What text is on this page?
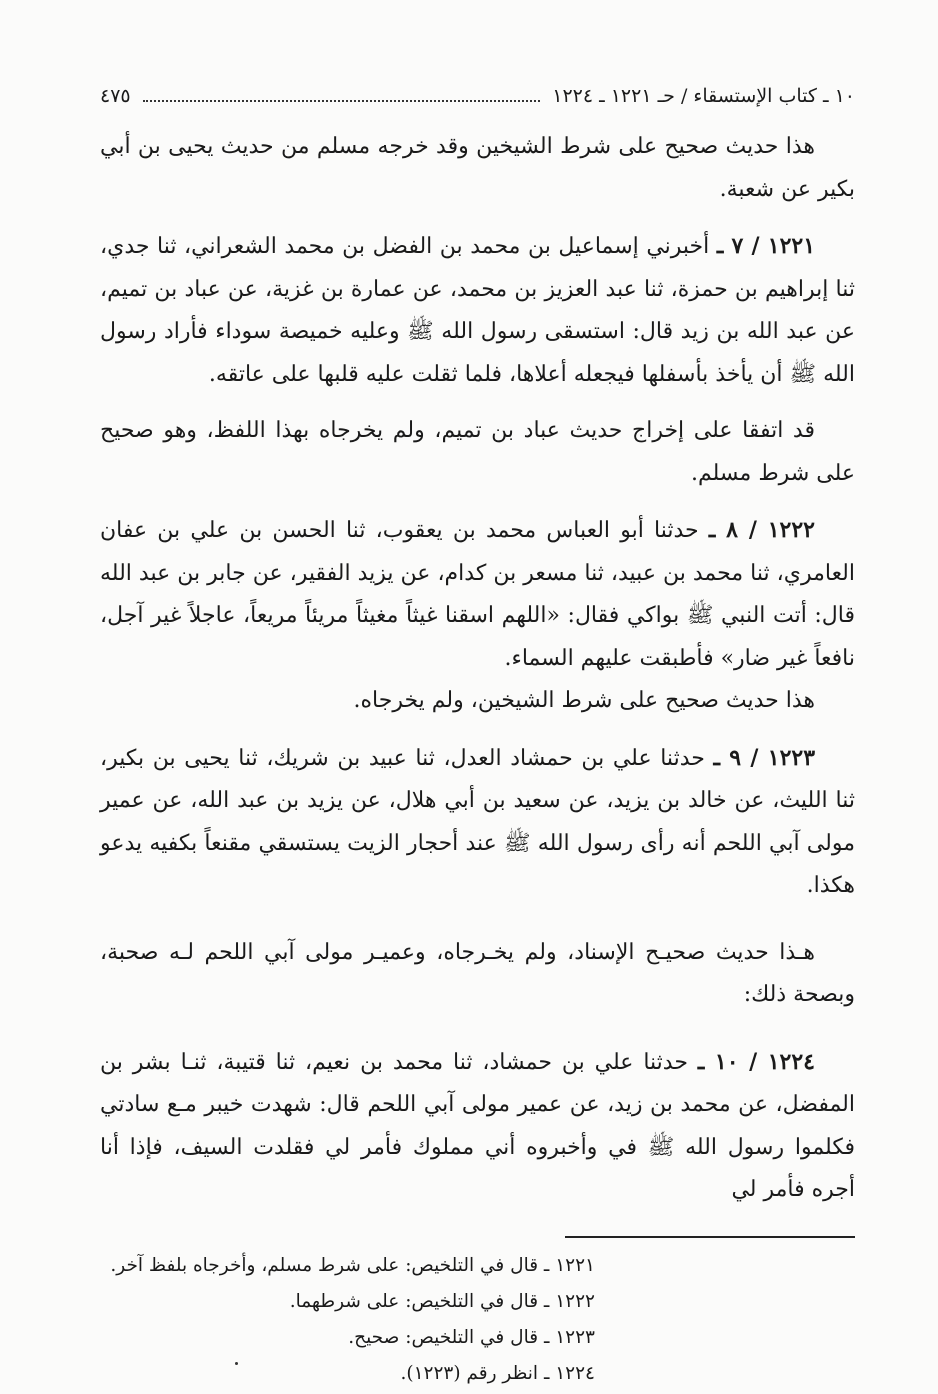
١٠ ـ كتاب الإستسقاء / حـ ١٢٢١ ـ ١٢٢٤
٤٧٥

هذا حديث صحيح على شرط الشيخين وقد خرجه مسلم من حديث يحيى بن أبي بكير عن شعبة.

١٢٢١ / ٧ ـ أخبرني إسماعيل بن محمد بن الفضل بن محمد الشعراني، ثنا جدي، ثنا إبراهيم بن حمزة، ثنا عبد العزيز بن محمد، عن عمارة بن غزية، عن عباد بن تميم، عن عبد الله بن زيد قال: استسقى رسول الله ﷺ وعليه خميصة سوداء فأراد رسول الله ﷺ أن يأخذ بأسفلها فيجعله أعلاها، فلما ثقلت عليه قلبها على عاتقه.

قد اتفقا على إخراج حديث عباد بن تميم، ولم يخرجاه بهذا اللفظ، وهو صحيح على شرط مسلم.

١٢٢٢ / ٨ ـ حدثنا أبو العباس محمد بن يعقوب، ثنا الحسن بن علي بن عفان العامري، ثنا محمد بن عبيد، ثنا مسعر بن كدام، عن يزيد الفقير، عن جابر بن عبد الله قال: أتت النبي ﷺ بواكي فقال: «اللهم اسقنا غيثاً مغيثاً مريئاً مريعاً، عاجلاً غير آجل، نافعاً غير ضار» فأطبقت عليهم السماء.

هذا حديث صحيح على شرط الشيخين، ولم يخرجاه.

١٢٢٣ / ٩ ـ حدثنا علي بن حمشاد العدل، ثنا عبيد بن شريك، ثنا يحيى بن بكير، ثنا الليث، عن خالد بن يزيد، عن سعيد بن أبي هلال، عن يزيد بن عبد الله، عن عمير مولى آبي اللحم أنه رأى رسول الله ﷺ عند أحجار الزيت يستسقي مقنعاً بكفيه يدعو هكذا.

هـذا حديث صحيـح الإسناد، ولم يخـرجاه، وعميـر مولى آبي اللحم لـه صحبة، وبصحة ذلك:

١٢٢٤ / ١٠ ـ حدثنا علي بن حمشاد، ثنا محمد بن نعيم، ثنا قتيبة، ثنـا بشر بن المفضل، عن محمد بن زيد، عن عمير مولى آبي اللحم قال: شهدت خيبر مـع سادتي فكلموا رسول الله ﷺ في وأخبروه أني مملوك فأمر لي فقلدت السيف، فإذا أنا أجره فأمر لي

١٢٢١ ـ قال في التلخيص: على شرط مسلم، وأخرجاه بلفظ آخر.

١٢٢٢ ـ قال في التلخيص: على شرطهما.

١٢٢٣ ـ قال في التلخيص: صحيح.

١٢٢٤ ـ انظر رقم (١٢٢٣).
